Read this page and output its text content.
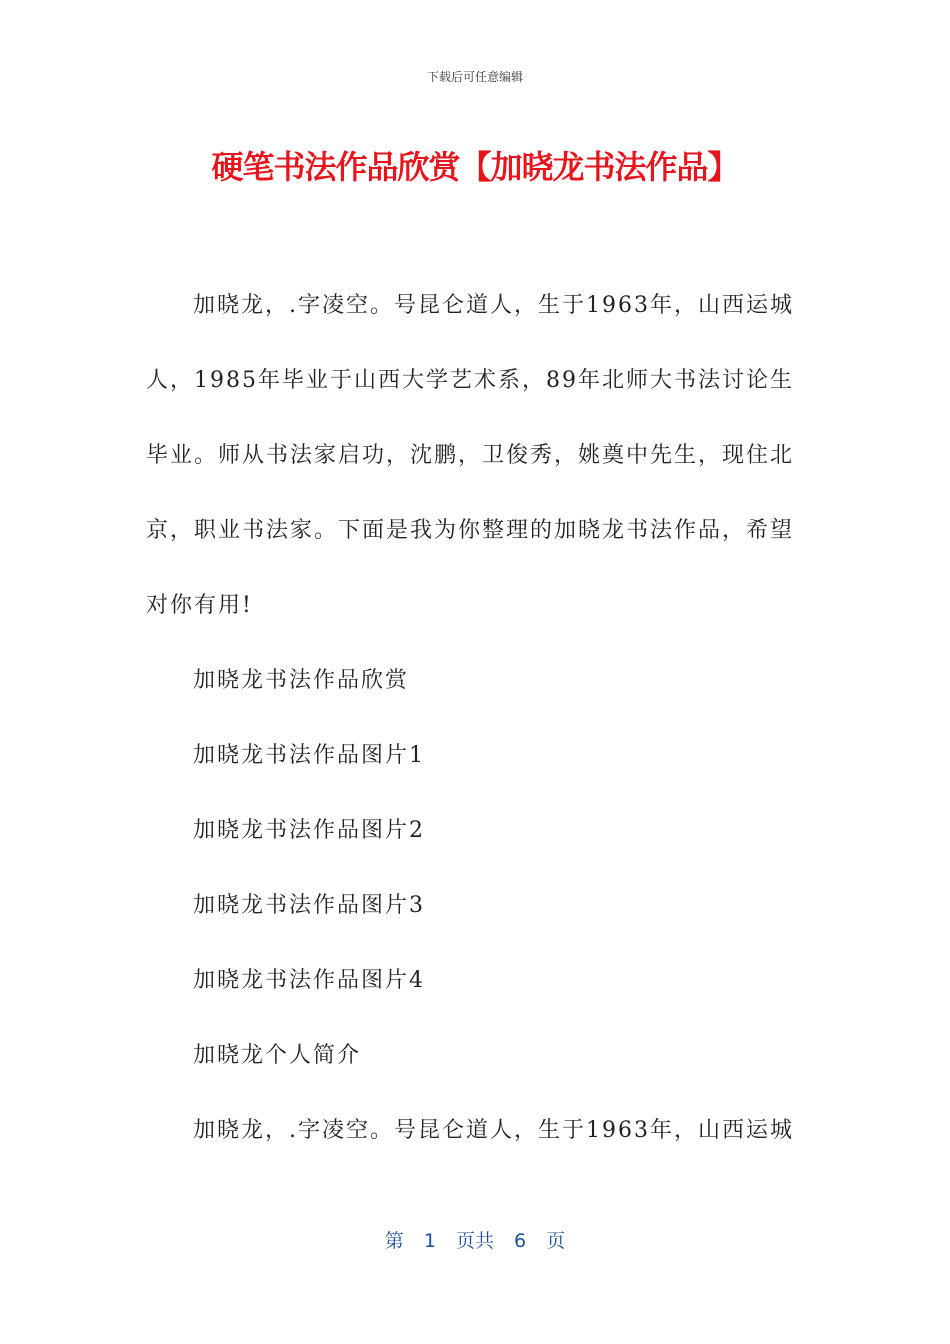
下载后可任意编辑
硬笔书法作品欣赏【加晓龙书法作品】

加晓龙，.字凌空。号昆仑道人，生于1963年，山西运城人，1985年毕业于山西大学艺术系，89年北师大书法讨论生毕业。师从书法家启功，沈鹏，卫俊秀，姚奠中先生，现住北京，职业书法家。下面是我为你整理的加晓龙书法作品，希望对你有用!

加晓龙书法作品欣赏

加晓龙书法作品图片1

加晓龙书法作品图片2

加晓龙书法作品图片3

加晓龙书法作品图片4

加晓龙个人简介

加晓龙，.字凌空。号昆仑道人，生于1963年，山西运城

第 1 页共 6 页
